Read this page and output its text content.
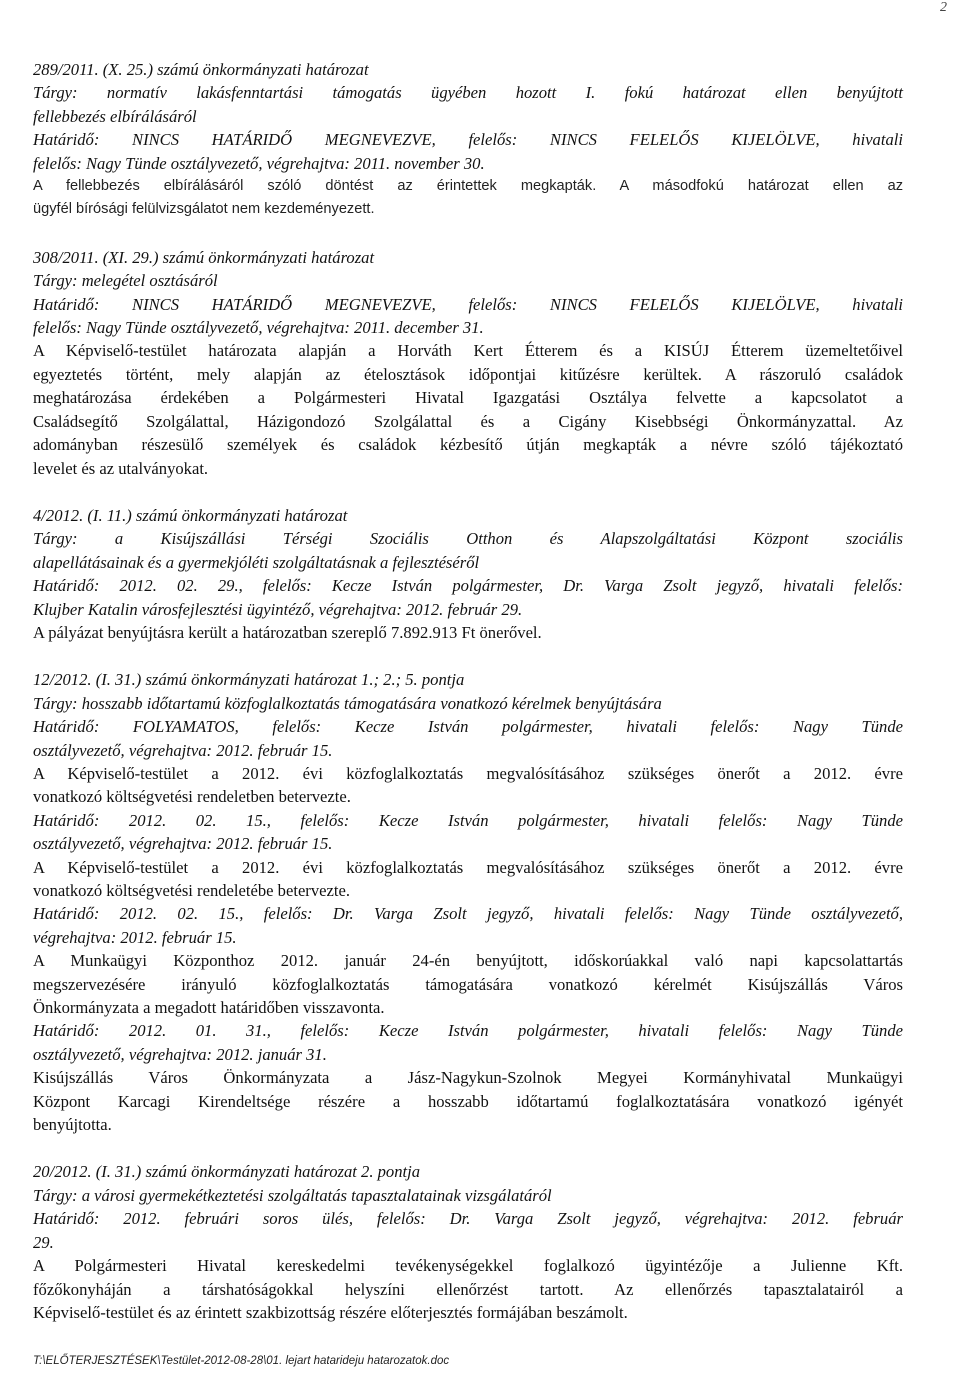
2
289/2011. (X. 25.) számú önkormányzati határozat
Tárgy: normatív lakásfenntartási támogatás ügyében hozott I. fokú határozat ellen benyújtott
fellebbezés elbírálásáról
Határidő: NINCS HATÁRIDŐ MEGNEVEZVE, felelős: NINCS FELELŐS KIJELÖLVE, hivatali
felelős: Nagy Tünde osztályvezető, végrehajtva: 2011. november 30.
A fellebbezés elbírálásáról szóló döntést az érintettek megkapták. A másodfokú határozat ellen az
ügyfél bírósági felülvizsgálatot nem kezdeményezett.
308/2011. (XI. 29.) számú önkormányzati határozat
Tárgy: melegétel osztásáról
Határidő: NINCS HATÁRIDŐ MEGNEVEZVE, felelős: NINCS FELELŐS KIJELÖLVE, hivatali
felelős: Nagy Tünde osztályvezető, végrehajtva: 2011. december 31.
A Képviselő-testület határozata alapján a Horváth Kert Étterem és a KISÚJ Étterem üzemeltetőivel
egyeztetés történt, mely alapján az ételosztások időpontjai kitűzésre kerültek. A rászoruló családok
meghatározása érdekében a Polgármesteri Hivatal Igazgatási Osztálya felvette a kapcsolatot a
Családsegítő Szolgálattal, Házigondozó Szolgálattal és a Cigány Kisebbségi Önkormányzattal. Az
adományban részesülő személyek és családok kézbesítő útján megkapták a névre szóló tájékoztató
levelet és az utalványokat.
4/2012. (I. 11.) számú önkormányzati határozat
Tárgy: a Kisújszállási Térségi Szociális Otthon és Alapszolgáltatási Központ szociális
alapellátásainak és a gyermekjóléti szolgáltatásnak a fejlesztéséről
Határidő: 2012. 02. 29., felelős: Kecze István polgármester, Dr. Varga Zsolt jegyző, hivatali felelős:
Klujber Katalin városfejlesztési ügyintéző, végrehajtva: 2012. február 29.
A pályázat benyújtásra került a határozatban szereplő 7.892.913 Ft önerővel.
12/2012. (I. 31.) számú önkormányzati határozat 1.; 2.; 5. pontja
Tárgy: hosszabb időtartamú közfoglalkoztatás támogatására vonatkozó kérelmek benyújtására
Határidő: FOLYAMATOS, felelős: Kecze István polgármester, hivatali felelős: Nagy Tünde
osztályvezető, végrehajtva: 2012. február 15.
A Képviselő-testület a 2012. évi közfoglalkoztatás megvalósításához szükséges önerőt a 2012. évre
vonatkozó költségvetési rendeletben betervezte.
Határidő: 2012. 02. 15., felelős: Kecze István polgármester, hivatali felelős: Nagy Tünde
osztályvezető, végrehajtva: 2012. február 15.
A Képviselő-testület a 2012. évi közfoglalkoztatás megvalósításához szükséges önerőt a 2012. évre
vonatkozó költségvetési rendeletébe betervezte.
Határidő: 2012. 02. 15., felelős: Dr. Varga Zsolt jegyző, hivatali felelős: Nagy Tünde osztályvezető,
végrehajtva: 2012. február 15.
A Munkaügyi Központhoz 2012. január 24-én benyújtott, időskorúakkal való napi kapcsolattartás
megszervezésére irányuló közfoglalkoztatás támogatására vonatkozó kérelmét Kisújszállás Város
Önkormányzata a megadott határidőben visszavonta.
Határidő: 2012. 01. 31., felelős: Kecze István polgármester, hivatali felelős: Nagy Tünde
osztályvezető, végrehajtva: 2012. január 31.
Kisújszállás Város Önkormányzata a Jász-Nagykun-Szolnok Megyei Kormányhivatal Munkaügyi
Központ Karcagi Kirendeltsége részére a hosszabb időtartamú foglalkoztatására vonatkozó igényét
benyújtotta.
20/2012. (I. 31.) számú önkormányzati határozat 2. pontja
Tárgy: a városi gyermekétkeztetési szolgáltatás tapasztalatainak vizsgálatáról
Határidő: 2012. februári soros ülés, felelős: Dr. Varga Zsolt jegyző, végrehajtva: 2012. február
29.
A Polgármesteri Hivatal kereskedelmi tevékenységekkel foglalkozó ügyintézője a Julienne Kft.
főzőkonyháján a társhatóságokkal helyszíni ellenőrzést tartott. Az ellenőrzés tapasztalatairól a
Képviselő-testület és az érintett szakbizottság részére előterjesztés formájában beszámolt.
T:\ELŐTERJESZTÉSEK\Testület-2012-08-28\01. lejart hatarideju hatarozatok.doc
